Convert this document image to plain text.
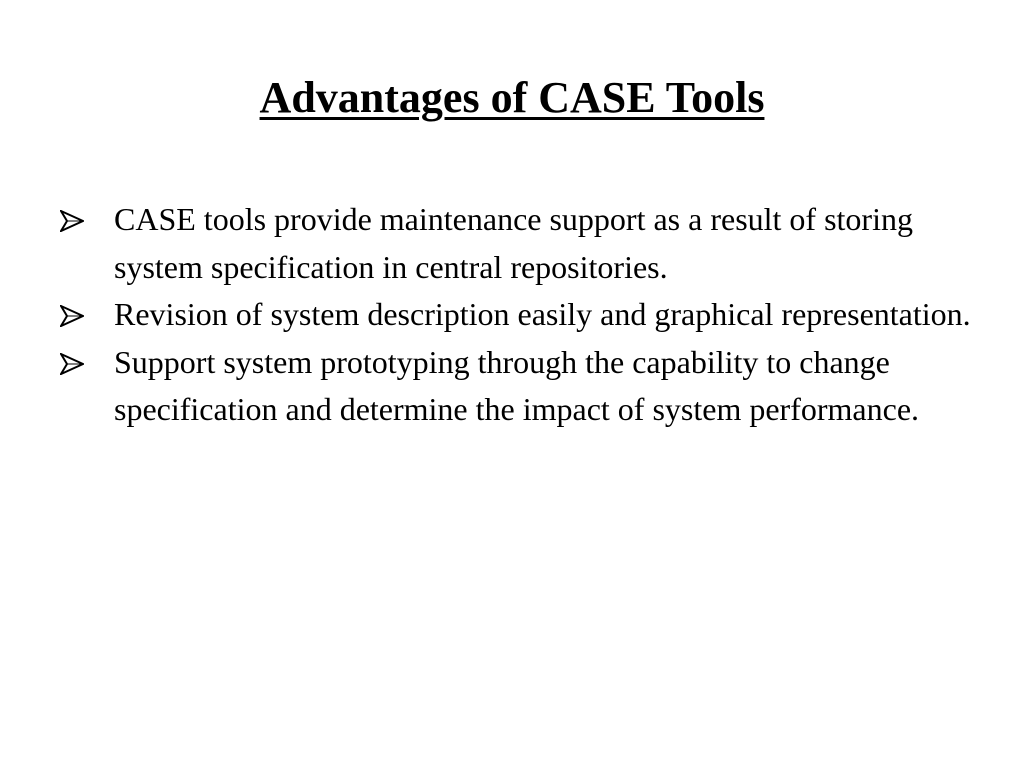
Advantages of CASE Tools
CASE tools provide maintenance support as a result of storing system specification in central repositories.
Revision of system description easily and graphical representation.
Support system prototyping through the capability to change specification and determine the impact of system performance.
